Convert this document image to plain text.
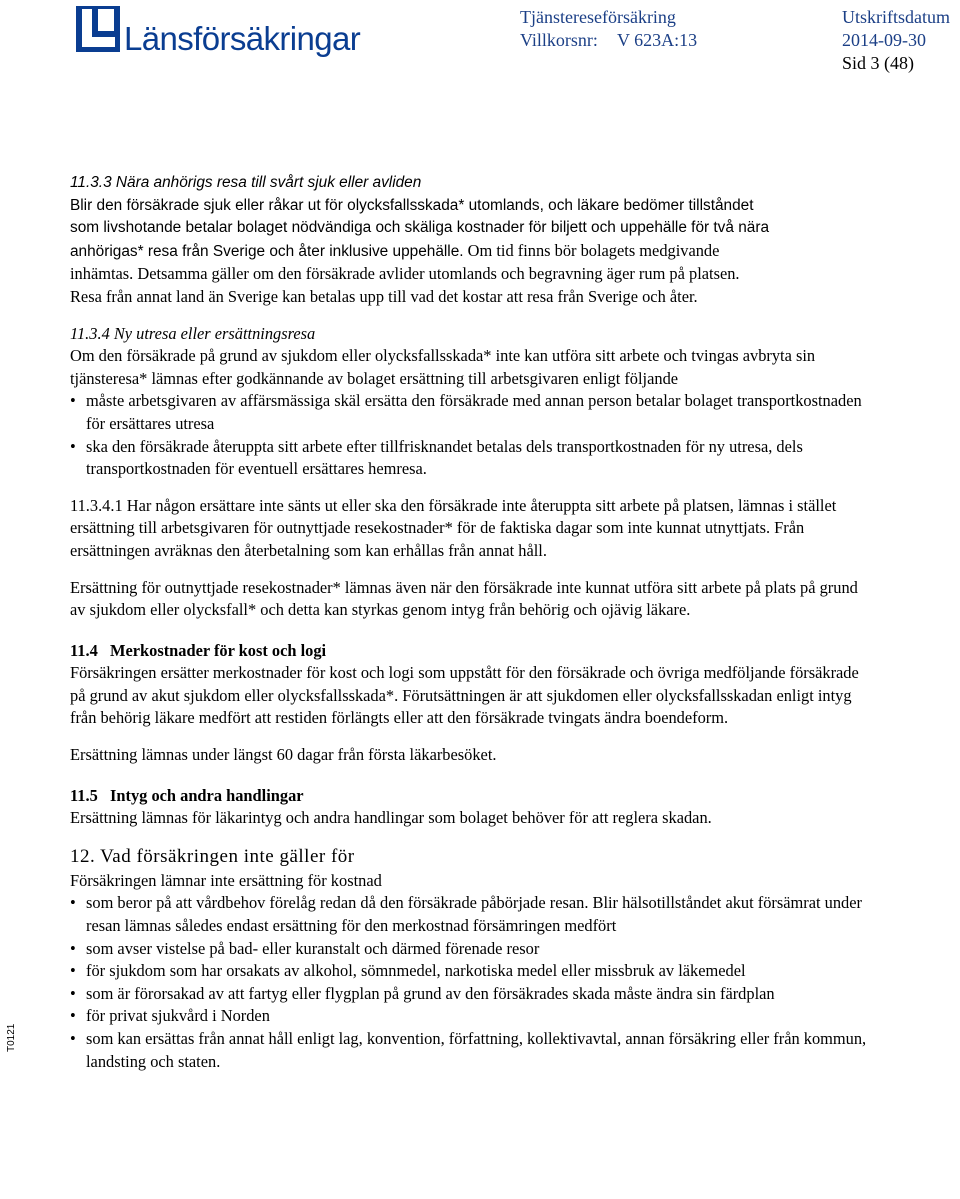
Länsförsäkringar
Tjänstereseförsäkring
Villkorsnr: V 623A:13
Utskriftsdatum
2014-09-30
Sid 3 (48)

11.3.3 Nära anhörigs resa till svårt sjuk eller avliden

Blir den försäkrade sjuk eller råkar ut för olycksfallsskada* utomlands, och läkare bedömer tillståndet

som livshotande betalar bolaget nödvändiga och skäliga kostnader för biljett och uppehälle för två nära

anhörigas* resa från Sverige och åter inklusive uppehälle. Om tid finns bör bolagets medgivande

inhämtas. Detsamma gäller om den försäkrade avlider utomlands och begravning äger rum på platsen.

Resa från annat land än Sverige kan betalas upp till vad det kostar att resa från Sverige och åter.

11.3.4 Ny utresa eller ersättningsresa

Om den försäkrade på grund av sjukdom eller olycksfallsskada* inte kan utföra sitt arbete och tvingas avbryta sin tjänsteresa* lämnas efter godkännande av bolaget ersättning till arbetsgivaren enligt följande

• måste arbetsgivaren av affärsmässiga skäl ersätta den försäkrade med annan person betalar bolaget transportkostnaden för ersättares utresa
• ska den försäkrade återuppta sitt arbete efter tillfrisknandet betalas dels transportkostnaden för ny utresa, dels transportkostnaden för eventuell ersättares hemresa.

11.3.4.1 Har någon ersättare inte sänts ut eller ska den försäkrade inte återuppta sitt arbete på platsen, lämnas i stället ersättning till arbetsgivaren för outnyttjade resekostnader* för de faktiska dagar som inte kunnat utnyttjats. Från ersättningen avräknas den återbetalning som kan erhållas från annat håll.

Ersättning för outnyttjade resekostnader* lämnas även när den försäkrade inte kunnat utföra sitt arbete på plats på grund av sjukdom eller olycksfall* och detta kan styrkas genom intyg från behörig och ojävig läkare.

11.4 Merkostnader för kost och logi

Försäkringen ersätter merkostnader för kost och logi som uppstått för den försäkrade och övriga medföljande försäkrade på grund av akut sjukdom eller olycksfallsskada*. Förutsättningen är att sjukdomen eller olycksfallsskadan enligt intyg från behörig läkare medfört att restiden förlängts eller att den försäkrade tvingats ändra boendeform.

Ersättning lämnas under längst 60 dagar från första läkarbesöket.

11.5 Intyg och andra handlingar

Ersättning lämnas för läkarintyg och andra handlingar som bolaget behöver för att reglera skadan.

12. Vad försäkringen inte gäller för

Försäkringen lämnar inte ersättning för kostnad

• som beror på att vårdbehov förelåg redan då den försäkrade påbörjade resan. Blir hälsotillståndet akut försämrat under resan lämnas således endast ersättning för den merkostnad försämringen medfört
• som avser vistelse på bad- eller kuranstalt och därmed förenade resor
• för sjukdom som har orsakats av alkohol, sömnmedel, narkotiska medel eller missbruk av läkemedel
• som är förorsakad av att fartyg eller flygplan på grund av den försäkrades skada måste ändra sin färdplan
• för privat sjukvård i Norden
• som kan ersättas från annat håll enligt lag, konvention, författning, kollektivavtal, annan försäkring eller från kommun, landsting och staten.
T0121
